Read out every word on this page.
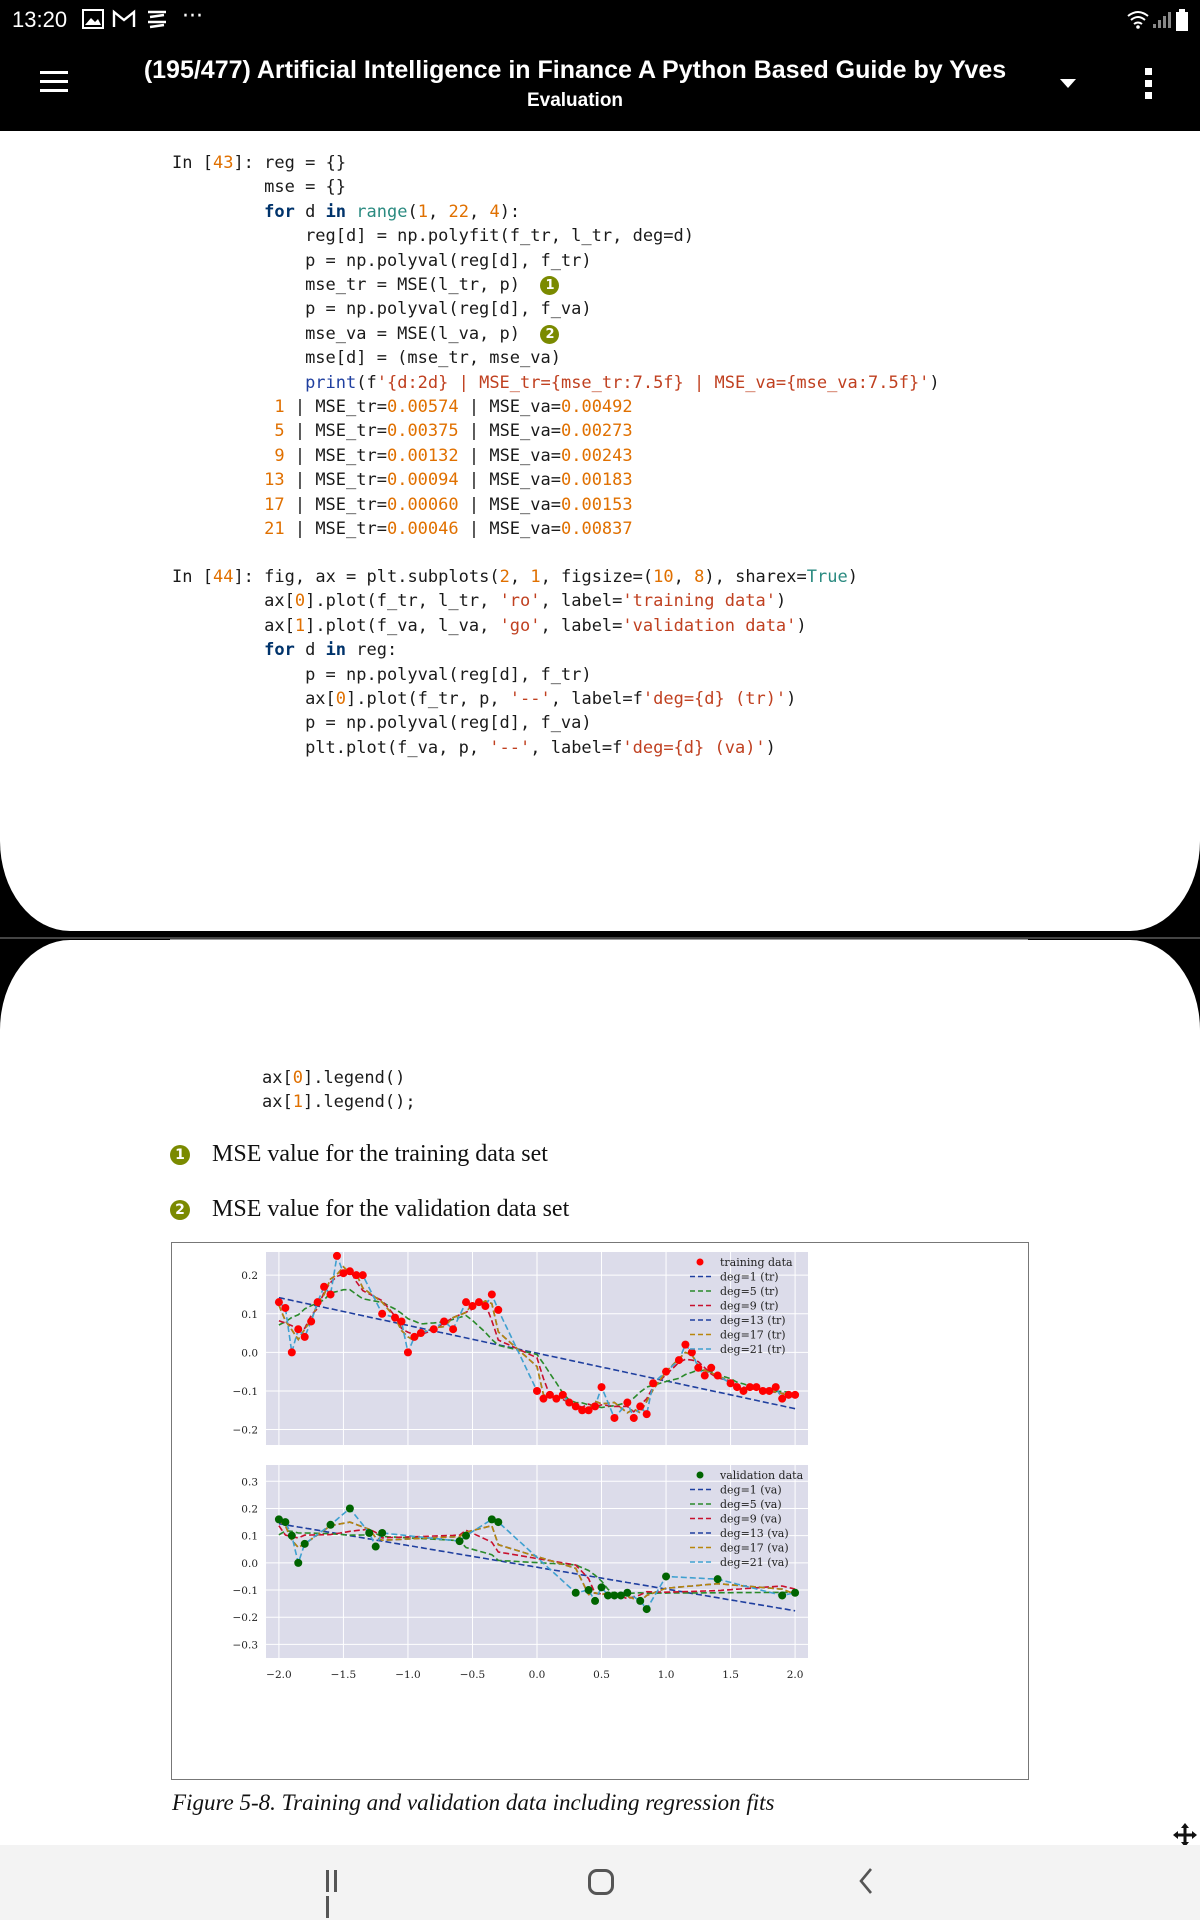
13:20	···
(195/477) Artificial Intelligence in Finance A Python Based Guide by Yves
Evaluation
In [43]: reg = {}
mse = {}
for d in range(1, 22, 4):
reg[d] = np.polyfit(f_tr, l_tr, deg=d)
p = np.polyval(reg[d], f_tr)
mse_tr = MSE(l_tr, p) 1
p = np.polyval(reg[d], f_va)
mse_va = MSE(l_va, p) 2
mse[d] = (mse_tr, mse_va)
print(f'{d:2d} | MSE_tr={mse_tr:7.5f} | MSE_va={mse_va:7.5f}')
1 | MSE_tr=0.00574 | MSE_va=0.00492
5 | MSE_tr=0.00375 | MSE_va=0.00273
9 | MSE_tr=0.00132 | MSE_va=0.00243
13 | MSE_tr=0.00094 | MSE_va=0.00183
17 | MSE_tr=0.00060 | MSE_va=0.00153
21 | MSE_tr=0.00046 | MSE_va=0.00837
In [44]: fig, ax = plt.subplots(2, 1, figsize=(10, 8), sharex=True)
ax[0].plot(f_tr, l_tr, 'ro', label='training data')
ax[1].plot(f_va, l_va, 'go', label='validation data')
for d in reg:
p = np.polyval(reg[d], f_tr)
ax[0].plot(f_tr, p, '--', label=f'deg={d} (tr)')
p = np.polyval(reg[d], f_va)
plt.plot(f_va, p, '--', label=f'deg={d} (va)')
ax[0].legend()
ax[1].legend();
1 MSE value for the training data set
2 MSE value for the validation data set
0.2
0.1
0.0
−0.1
−0.2
training data
deg=1 (tr)
deg=5 (tr)
deg=9 (tr)
deg=13 (tr)
deg=17 (tr)
deg=21 (tr)
0.3
0.2
0.1
0.0
−0.1
−0.2
−0.3
validation data
deg=1 (va)
deg=5 (va)
deg=9 (va)
deg=13 (va)
deg=17 (va)
deg=21 (va)
−2.0	−1.5	−1.0	−0.5	0.0	0.5	1.0	1.5	2.0
Figure 5-8. Training and validation data including regression fits
